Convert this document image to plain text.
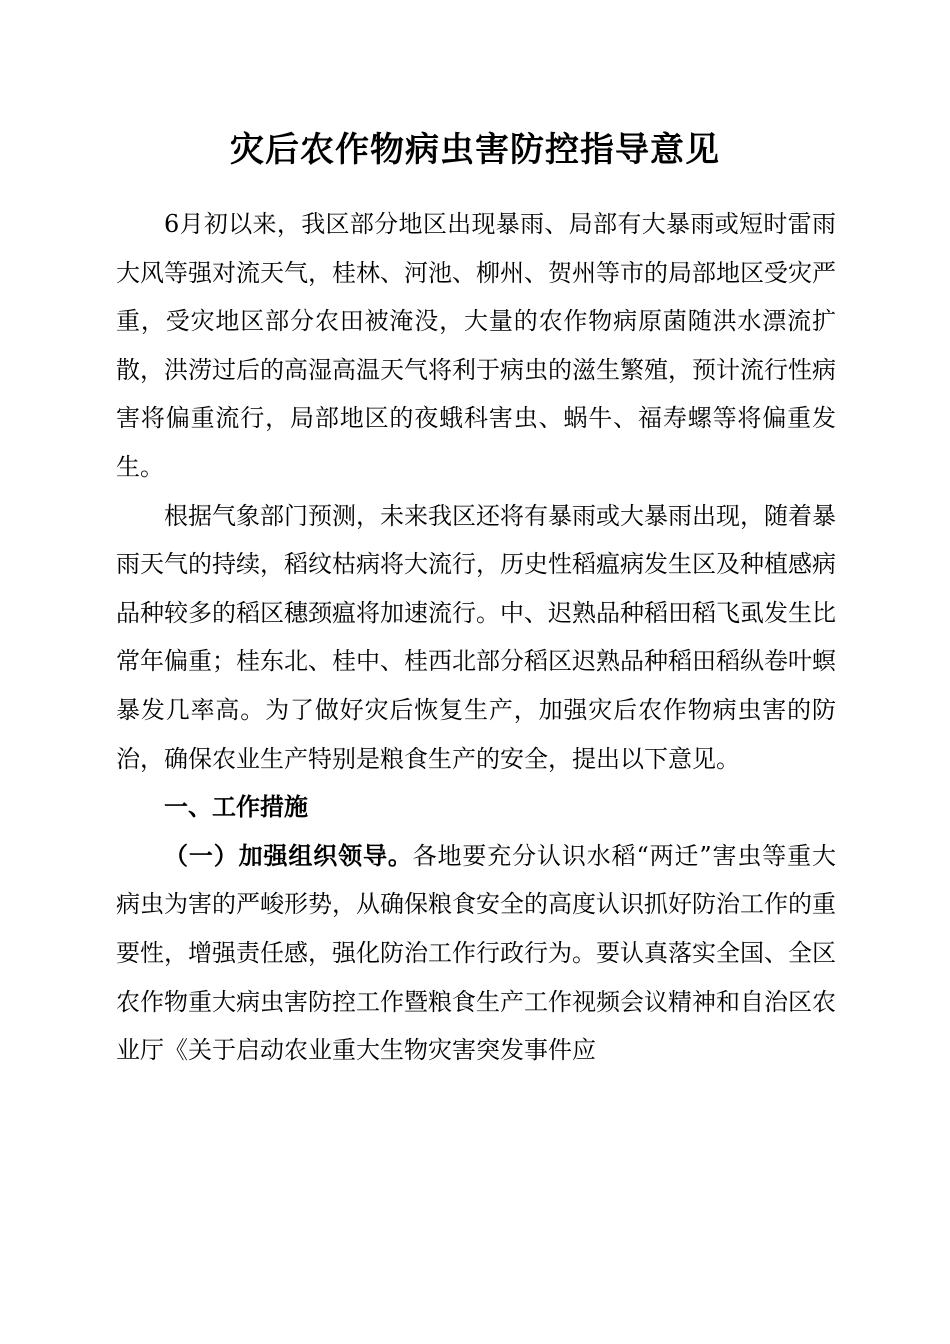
灾后农作物病虫害防控指导意见

6月初以来，我区部分地区出现暴雨、局部有大暴雨或短时雷雨大风等强对流天气，桂林、河池、柳州、贺州等市的局部地区受灾严重，受灾地区部分农田被淹没，大量的农作物病原菌随洪水漂流扩散，洪涝过后的高湿高温天气将利于病虫的滋生繁殖，预计流行性病害将偏重流行，局部地区的夜蛾科害虫、蜗牛、福寿螺等将偏重发生。

根据气象部门预测，未来我区还将有暴雨或大暴雨出现，随着暴雨天气的持续，稻纹枯病将大流行，历史性稻瘟病发生区及种植感病品种较多的稻区穗颈瘟将加速流行。中、迟熟品种稻田稻飞虱发生比常年偏重；桂东北、桂中、桂西北部分稻区迟熟品种稻田稻纵卷叶螟暴发几率高。为了做好灾后恢复生产，加强灾后农作物病虫害的防治，确保农业生产特别是粮食生产的安全，提出以下意见。

一、工作措施

（一）加强组织领导。各地要充分认识水稻“两迁”害虫等重大病虫为害的严峻形势，从确保粮食安全的高度认识抓好防治工作的重要性，增强责任感，强化防治工作行政行为。要认真落实全国、全区农作物重大病虫害防控工作暨粮食生产工作视频会议精神和自治区农业厅《关于启动农业重大生物灾害突发事件应
